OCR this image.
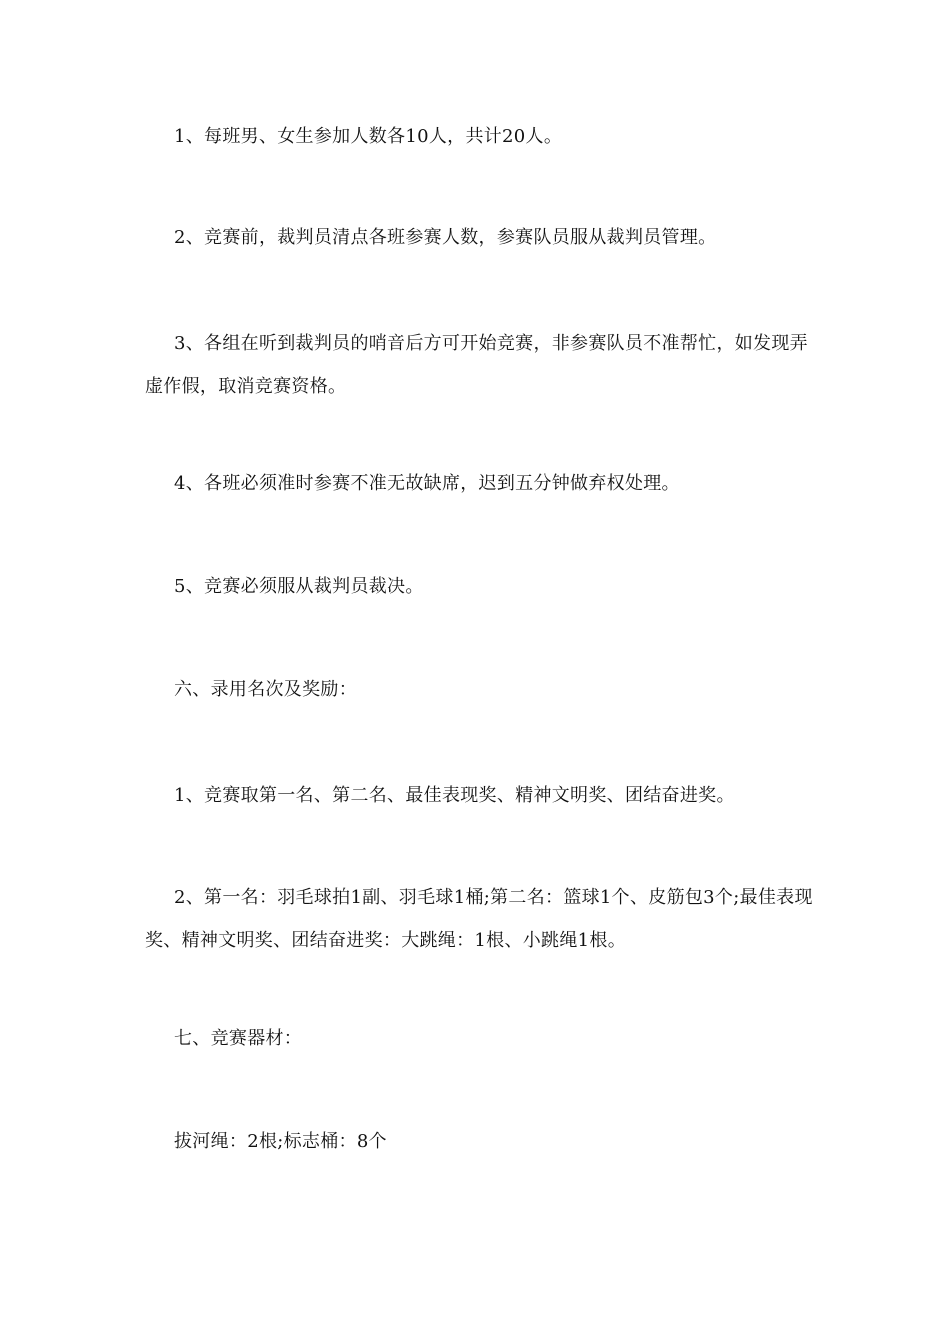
1、每班男、女生参加人数各10人，共计20人。

2、竞赛前，裁判员清点各班参赛人数，参赛队员服从裁判员管理。

3、各组在听到裁判员的哨音后方可开始竞赛，非参赛队员不准帮忙，如发现弄虚作假，取消竞赛资格。

4、各班必须准时参赛不准无故缺席，迟到五分钟做弃权处理。

5、竞赛必须服从裁判员裁决。

六、录用名次及奖励：

1、竞赛取第一名、第二名、最佳表现奖、精神文明奖、团结奋进奖。

2、第一名：羽毛球拍1副、羽毛球1桶;第二名：篮球1个、皮筋包3个;最佳表现奖、精神文明奖、团结奋进奖：大跳绳：1根、小跳绳1根。

七、竞赛器材：

拔河绳：2根;标志桶：8个
